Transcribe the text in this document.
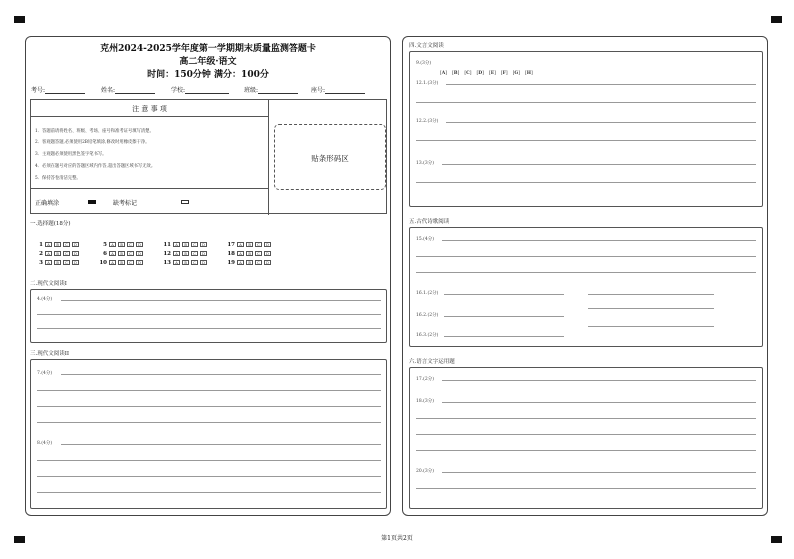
克州2024-2025学年度第一学期期末质量监测答题卡
高二年级·语文
时间：150分钟 满分：100分
考号:	姓名:	学校:	班级:	座号:
注 意 事 项
1．答题前请将姓名、班级、考场、座号和准考证号填写清楚。
2．客观题答题,必须使用2B铅笔填涂,修改时用橡皮擦干净。
3．主观题必须使用黑色签字笔书写。
4．必须在题号对应的答题区域内作答,超出答题区域书写无效。
5．保持答卷清洁完整。
正确填涂	缺考标记
贴条形码区
一.选择题(18分)
1 A B C D
2 A B C D
3 A B C D
5 A B C D
6 A B C D
10 A B C D
11 A B C D
12 A B C D
13 A B C D
17 A B C D
18 A B C D
19 A B C D
二.现代文阅读I
4.(4分)
三.现代文阅读II
7.(4分)
8.(4分)
四.文言文阅读
9.(3分)
[A] [B] [C] [D] [E] [F] [G] [H]
12.1.(3分)
12.2.(3分)
13.(3分)
五.古代诗歌阅读
15.(4分)
16.1.(2分)
16.2.(2分)
16.3.(2分)
六.语言文字运用题
17.(2分)
18.(3分)
20.(3分)
第1页共2页
